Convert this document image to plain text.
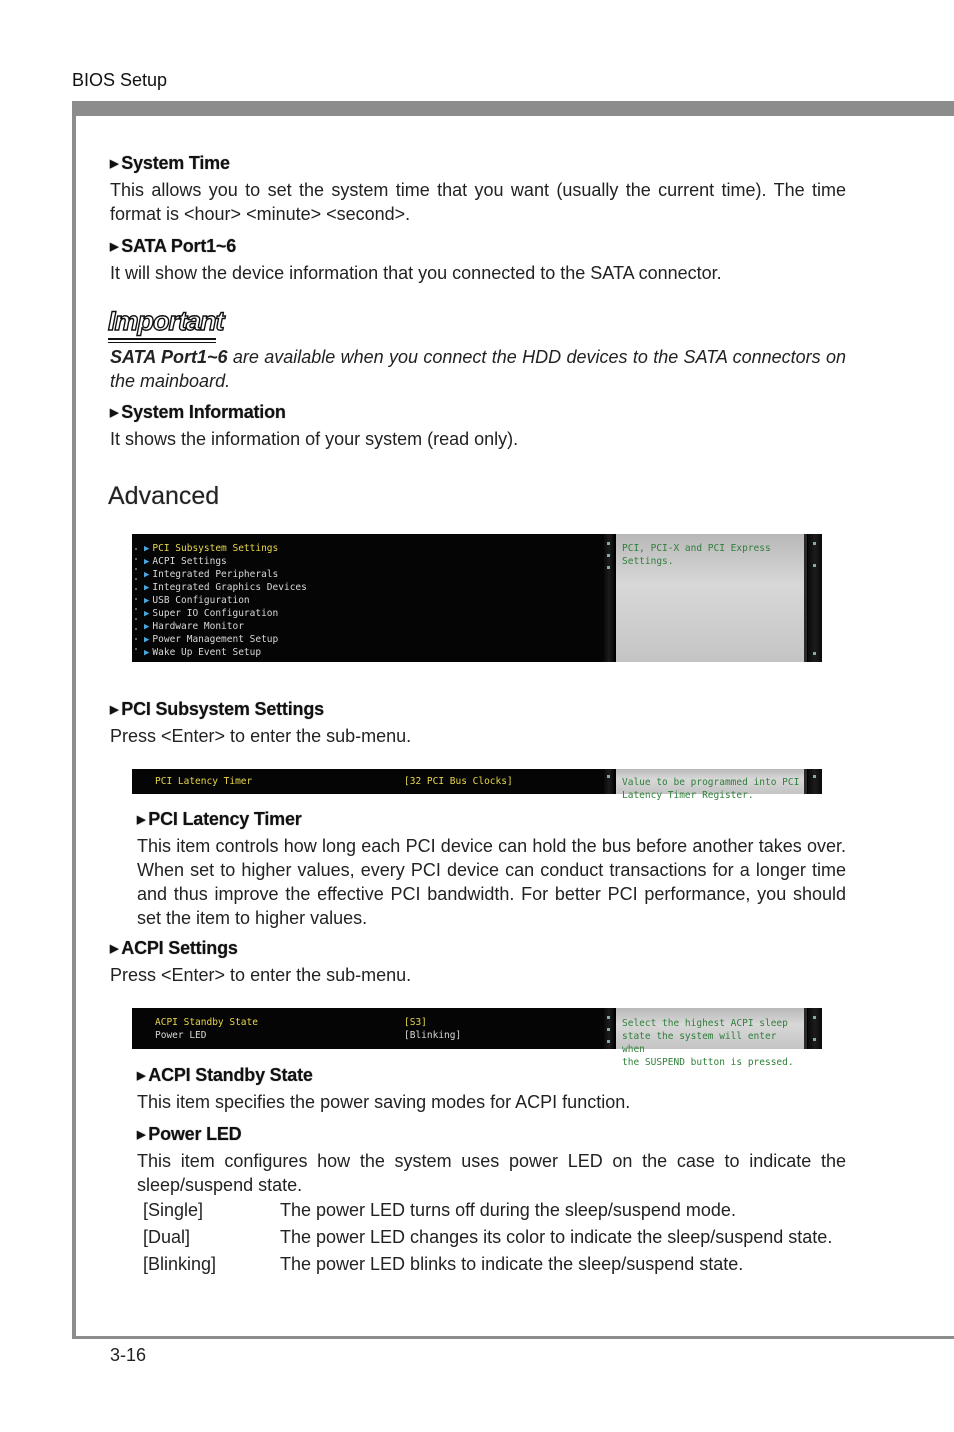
BIOS Setup
3-16
▶ System Time
This allows you to set the system time that you want (usually the current time). The time format is <hour> <minute> <second>.
▶ SATA Port1~6
It will show the device information that you connected to the SATA connector.
Important
SATA Port1~6 are available when you connect the HDD devices to the SATA connectors on the mainboard.
▶ System Information
It shows the information of your system (read only).
Advanced
▶ PCI Subsystem Settings
▶ ACPI Settings
▶ Integrated Peripherals
▶ Integrated Graphics Devices
▶ USB Configuration
▶ Super IO Configuration
▶ Hardware Monitor
▶ Power Management Setup
▶ Wake Up Event Setup
PCI, PCI-X and PCI Express
Settings.
▶ PCI Subsystem Settings
Press <Enter> to enter the sub-menu.
PCI Latency Timer	[32 PCI Bus Clocks]	Value to be programmed into PCI
Latency Timer Register.
▶ PCI Latency Timer
This item controls how long each PCI device can hold the bus before another takes over. When set to higher values, every PCI device can conduct transactions for a longer time and thus improve the effective PCI bandwidth. For better PCI performance, you should set the item to higher values.
▶ ACPI Settings
Press <Enter> to enter the sub-menu.
ACPI Standby State	[S3]
Power LED	[Blinking]
Select the highest ACPI sleep
state the system will enter when
the SUSPEND button is pressed.
▶ ACPI Standby State
This item specifies the power saving modes for ACPI function.
▶ Power LED
This item configures how the system uses power LED on the case to indicate the sleep/suspend state.
[Single]	The power LED turns off during the sleep/suspend mode.
[Dual]	The power LED changes its color to indicate the sleep/suspend state.
[Blinking]	The power LED blinks to indicate the sleep/suspend state.
